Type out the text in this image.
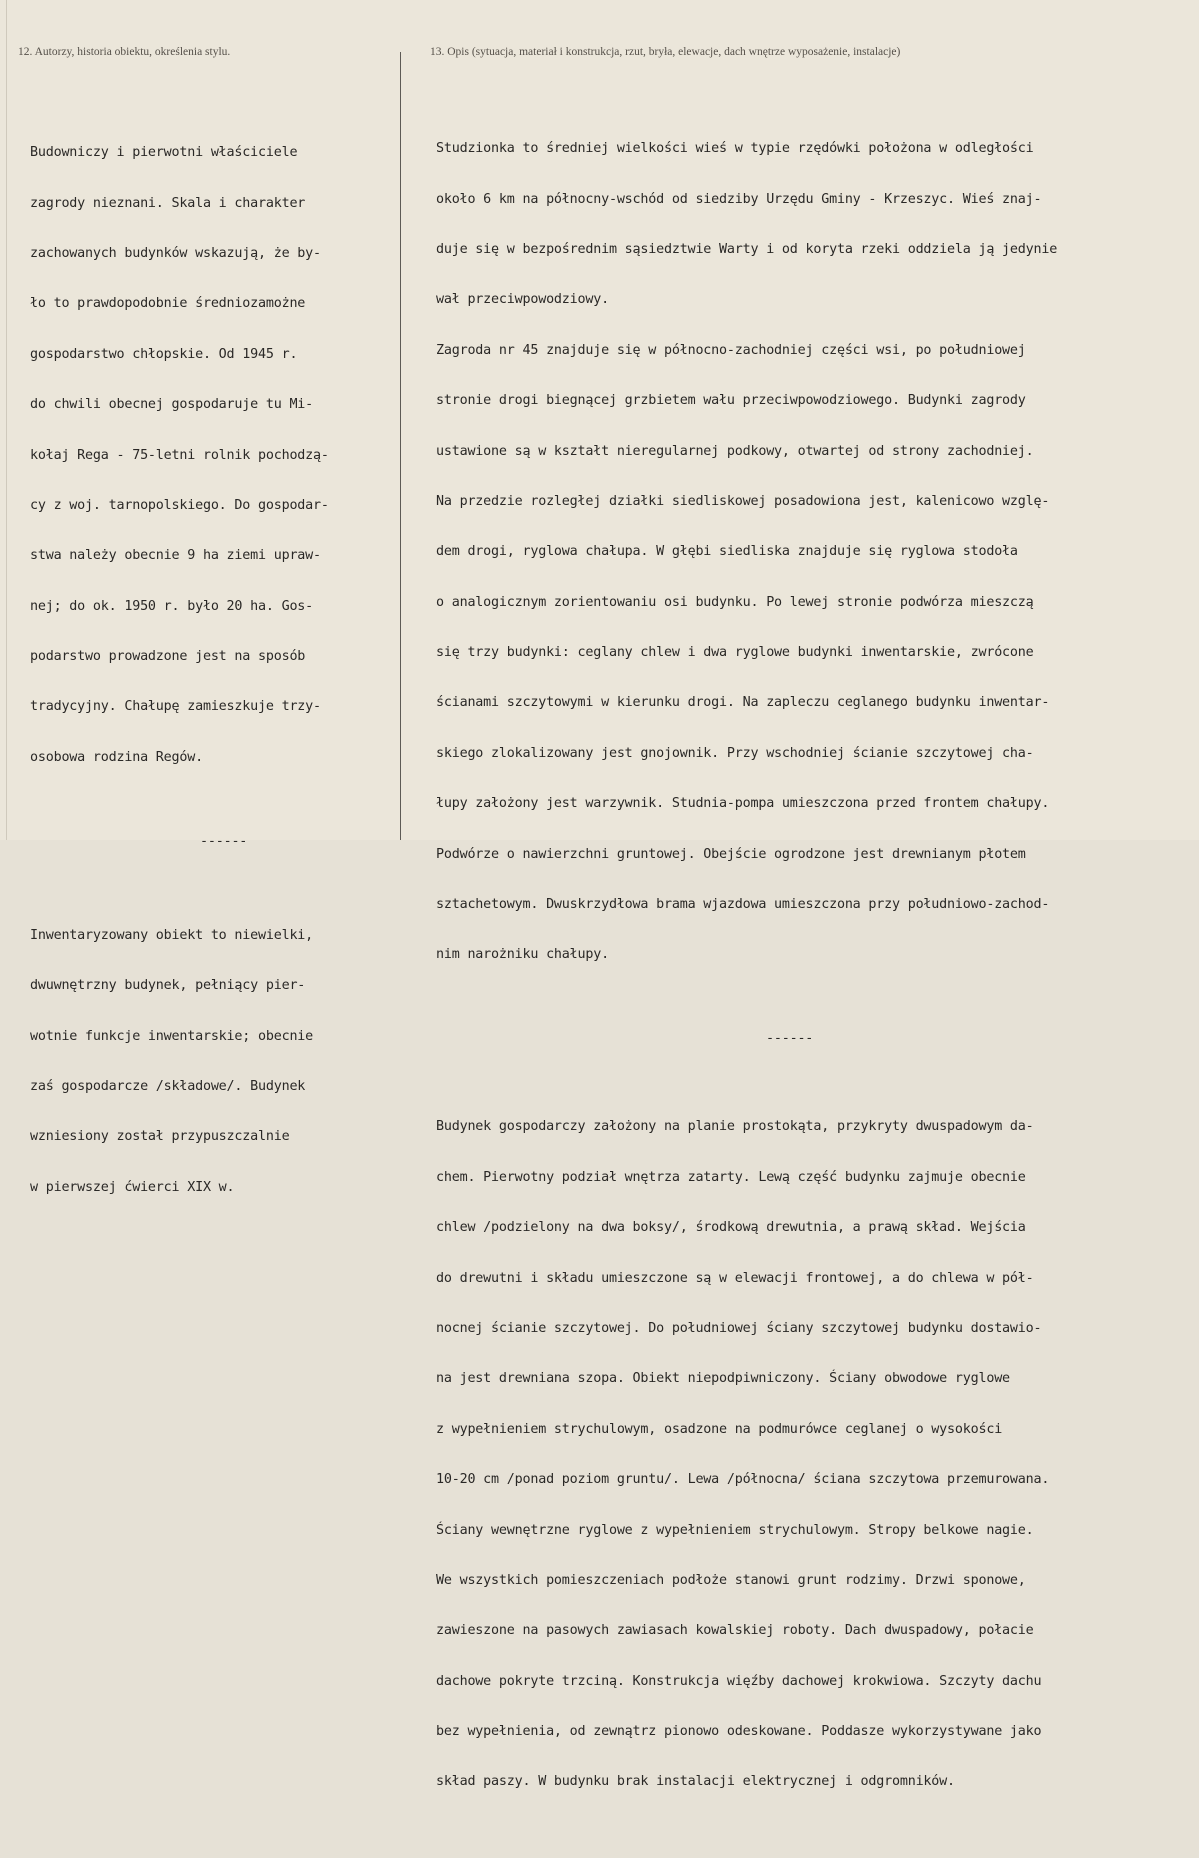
12. Autorzy, historia obiektu, określenia stylu.	13. Opis (sytuacja, materiał i konstrukcja, rzut, bryła, elewacje, dach wnętrze wyposażenie, instalacje)

Budowniczy i pierwotni właściciele

zagrody nieznani. Skala i charakter

zachowanych budynków wskazują, że by-

ło to prawdopodobnie średniozamożne

gospodarstwo chłopskie. Od 1945 r.

do chwili obecnej gospodaruje tu Mi-

kołaj Rega - 75-letni rolnik pochodzą-

cy z woj. tarnopolskiego. Do gospodar-

stwa należy obecnie 9 ha ziemi upraw-

nej; do ok. 1950 r. było 20 ha. Gos-

podarstwo prowadzone jest na sposób

tradycyjny. Chałupę zamieszkuje trzy-

osobowa rodzina Regów.

------

Inwentaryzowany obiekt to niewielki,

dwuwnętrzny budynek, pełniący pier-

wotnie funkcje inwentarskie; obecnie

zaś gospodarcze /składowe/. Budynek

wzniesiony został przypuszczalnie

w pierwszej ćwierci XIX w.

Studzionka to średniej wielkości wieś w typie rzędówki położona w odległości

około 6 km na północny-wschód od siedziby Urzędu Gminy - Krzeszyc. Wieś znaj-

duje się w bezpośrednim sąsiedztwie Warty i od koryta rzeki oddziela ją jedynie

wał przeciwpowodziowy.

Zagroda nr 45 znajduje się w północno-zachodniej części wsi, po południowej

stronie drogi biegnącej grzbietem wału przeciwpowodziowego. Budynki zagrody

ustawione są w kształt nieregularnej podkowy, otwartej od strony zachodniej.

Na przedzie rozległej działki siedliskowej posadowiona jest, kalenicowo wzglę-

dem drogi, ryglowa chałupa. W głębi siedliska znajduje się ryglowa stodoła

o analogicznym zorientowaniu osi budynku. Po lewej stronie podwórza mieszczą

się trzy budynki: ceglany chlew i dwa ryglowe budynki inwentarskie, zwrócone

ścianami szczytowymi w kierunku drogi. Na zapleczu ceglanego budynku inwentar-

skiego zlokalizowany jest gnojownik. Przy wschodniej ścianie szczytowej cha-

łupy założony jest warzywnik. Studnia-pompa umieszczona przed frontem chałupy.

Podwórze o nawierzchni gruntowej. Obejście ogrodzone jest drewnianym płotem

sztachetowym. Dwuskrzydłowa brama wjazdowa umieszczona przy południowo-zachod-

nim narożniku chałupy.

------

Budynek gospodarczy założony na planie prostokąta, przykryty dwuspadowym da-

chem. Pierwotny podział wnętrza zatarty. Lewą część budynku zajmuje obecnie

chlew /podzielony na dwa boksy/, środkową drewutnia, a prawą skład. Wejścia

do drewutni i składu umieszczone są w elewacji frontowej, a do chlewa w pół-

nocnej ścianie szczytowej. Do południowej ściany szczytowej budynku dostawio-

na jest drewniana szopa. Obiekt niepodpiwniczony. Ściany obwodowe ryglowe

z wypełnieniem strychulowym, osadzone na podmurówce ceglanej o wysokości

10-20 cm /ponad poziom gruntu/. Lewa /północna/ ściana szczytowa przemurowana.

Ściany wewnętrzne ryglowe z wypełnieniem strychulowym. Stropy belkowe nagie.

We wszystkich pomieszczeniach podłoże stanowi grunt rodzimy. Drzwi sponowe,

zawieszone na pasowych zawiasach kowalskiej roboty. Dach dwuspadowy, połacie

dachowe pokryte trzciną. Konstrukcja więźby dachowej krokwiowa. Szczyty dachu

bez wypełnienia, od zewnątrz pionowo odeskowane. Poddasze wykorzystywane jako

skład paszy. W budynku brak instalacji elektrycznej i odgromników.
